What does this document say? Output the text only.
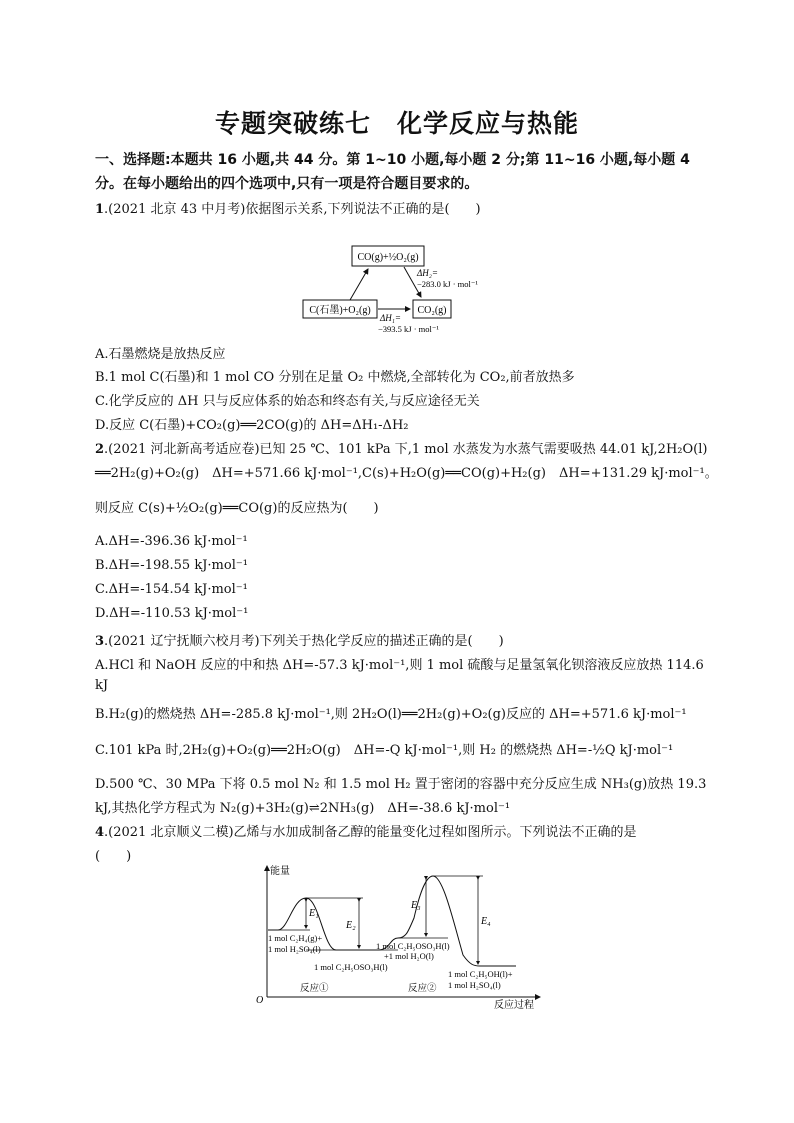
专题突破练七　化学反应与热能
一、选择题:本题共 16 小题,共 44 分。第 1~10 小题,每小题 2 分;第 11~16 小题,每小题 4
分。在每小题给出的四个选项中,只有一项是符合题目要求的。
1.(2021 北京 43 中月考)依据图示关系,下列说法不正确的是(　　)
CO(g)+½O₂(g)
C(石墨)+O₂(g)	CO₂(g)
ΔH₂=
−283.0 kJ · mol⁻¹
ΔH₁=
−393.5 kJ · mol⁻¹
A.石墨燃烧是放热反应
B.1 mol C(石墨)和 1 mol CO 分别在足量 O₂ 中燃烧,全部转化为 CO₂,前者放热多
C.化学反应的 ΔH 只与反应体系的始态和终态有关,与反应途径无关
D.反应 C(石墨)+CO₂(g)══2CO(g)的 ΔH=ΔH₁-ΔH₂
2.(2021 河北新高考适应卷)已知 25 ℃、101 kPa 下,1 mol 水蒸发为水蒸气需要吸热 44.01 kJ,2H₂O(l)
══2H₂(g)+O₂(g)　ΔH=+571.66 kJ·mol⁻¹,C(s)+H₂O(g)══CO(g)+H₂(g)　ΔH=+131.29 kJ·mol⁻¹。
则反应 C(s)+½O₂(g)══CO(g)的反应热为(　　)
A.ΔH=-396.36 kJ·mol⁻¹
B.ΔH=-198.55 kJ·mol⁻¹
C.ΔH=-154.54 kJ·mol⁻¹
D.ΔH=-110.53 kJ·mol⁻¹
3.(2021 辽宁抚顺六校月考)下列关于热化学反应的描述正确的是(　　)
A.HCl 和 NaOH 反应的中和热 ΔH=-57.3 kJ·mol⁻¹,则 1 mol 硫酸与足量氢氧化钡溶液反应放热 114.6
kJ
B.H₂(g)的燃烧热 ΔH=-285.8 kJ·mol⁻¹,则 2H₂O(l)══2H₂(g)+O₂(g)反应的 ΔH=+571.6 kJ·mol⁻¹
C.101 kPa 时,2H₂(g)+O₂(g)══2H₂O(g)　ΔH=-Q kJ·mol⁻¹,则 H₂ 的燃烧热 ΔH=-½Q kJ·mol⁻¹
D.500 ℃、30 MPa 下将 0.5 mol N₂ 和 1.5 mol H₂ 置于密闭的容器中充分反应生成 NH₃(g)放热 19.3
kJ,其热化学方程式为 N₂(g)+3H₂(g)⇌2NH₃(g)　ΔH=-38.6 kJ·mol⁻¹
4.(2021 北京顺义二模)乙烯与水加成制备乙醇的能量变化过程如图所示。下列说法不正确的是
(　　)
能量
反应过程
O
E₁
E₂
E₃
E₄
1 mol C₂H₄(g)+
1 mol H₂SO₄(l)
1 mol C₂H₅OSO₃H(l)
1 mol C₂H₅OSO₃H(l)
+1 mol H₂O(l)
1 mol C₂H₅OH(l)+
1 mol H₂SO₄(l)
反应①	反应②
